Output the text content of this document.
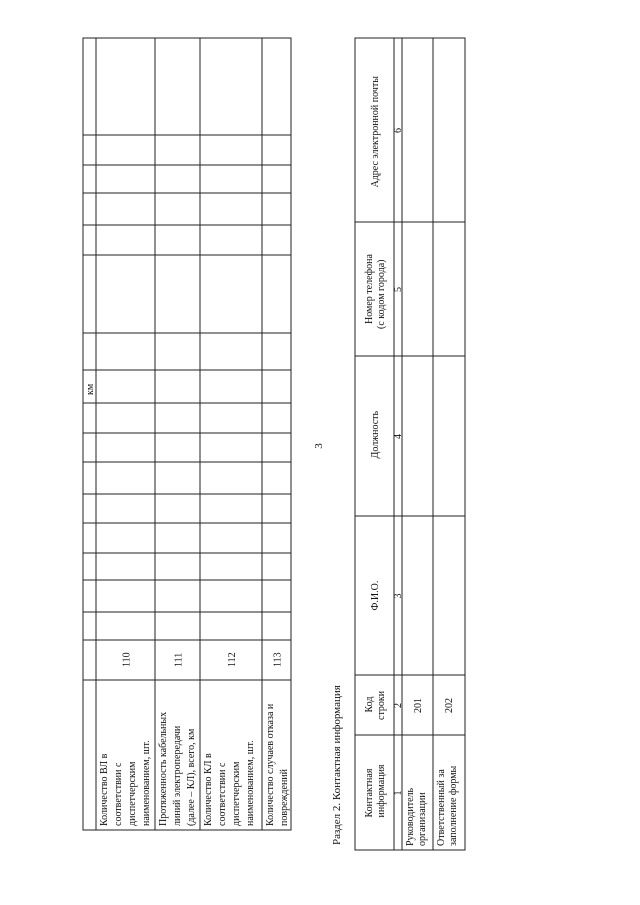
3
км
Количество ВЛ в соответствии с диспетчерским наименованием, шт.
110
Протяженность кабельных линий электропередачи (далее – КЛ), всего, км
111
Количество КЛ в соответствии с диспетчерским наименованием, шт.
112
Количество случаев отказа и повреждений
113
Раздел 2. Контактная информация Контактная информация 1
Код строки 2
Ф.И.О. 3
Должность 4
Номер телефона (с кодом города) 5
Адрес электронной почты 6
Руководитель организации
201
Ответственный за заполнение формы
202
